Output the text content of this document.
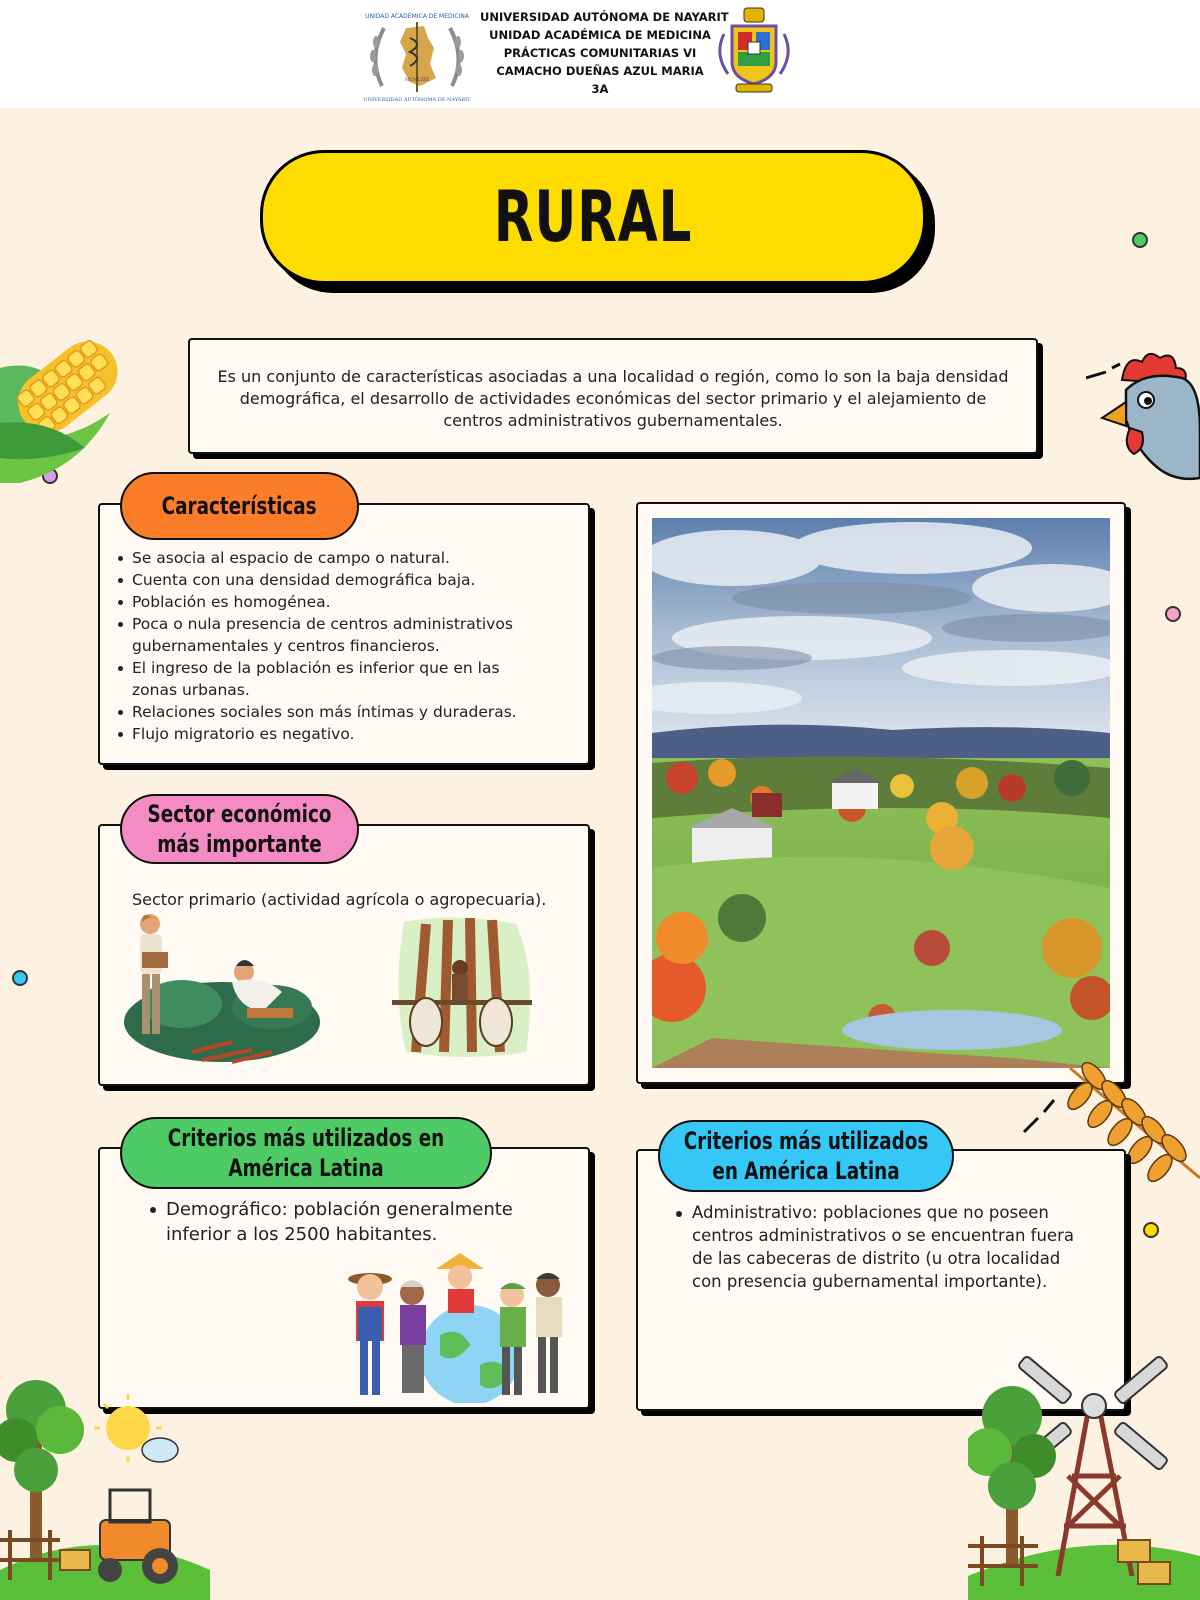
MCMLXIX
UNIDAD ACADÉMICA DE MEDICINA
UNIVERSIDAD AUTÓNOMA DE NAYARIT
UNIVERSIDAD AUTÓNOMA DE NAYARIT
UNIDAD ACADÉMICA DE MEDICINA
PRÁCTICAS COMUNITARIAS VI
CAMACHO DUEÑAS AZUL MARIA
3A
RURAL
Es un conjunto de características asociadas a una localidad o región, como lo son la baja densidad demográfica, el desarrollo de actividades económicas del sector primario y el alejamiento de centros administrativos gubernamentales.
Se asocia al espacio de campo o natural.
Cuenta con una densidad demográfica baja.
Población es homogénea.
Poca o nula presencia de centros administrativos gubernamentales y centros financieros.
El ingreso de la población es inferior que en las zonas urbanas.
Relaciones sociales son más íntimas y duraderas.
Flujo migratorio es negativo.
Características
Sector primario (actividad agrícola o agropecuaria).
Sector económico más importante
Demográfico: población generalmente inferior a los 2500 habitantes.
Criterios más utilizados en América Latina
Administrativo: poblaciones que no poseen centros administrativos o se encuentran fuera de las cabeceras de distrito (u otra localidad con presencia gubernamental importante).
Criterios más utilizados en América Latina
